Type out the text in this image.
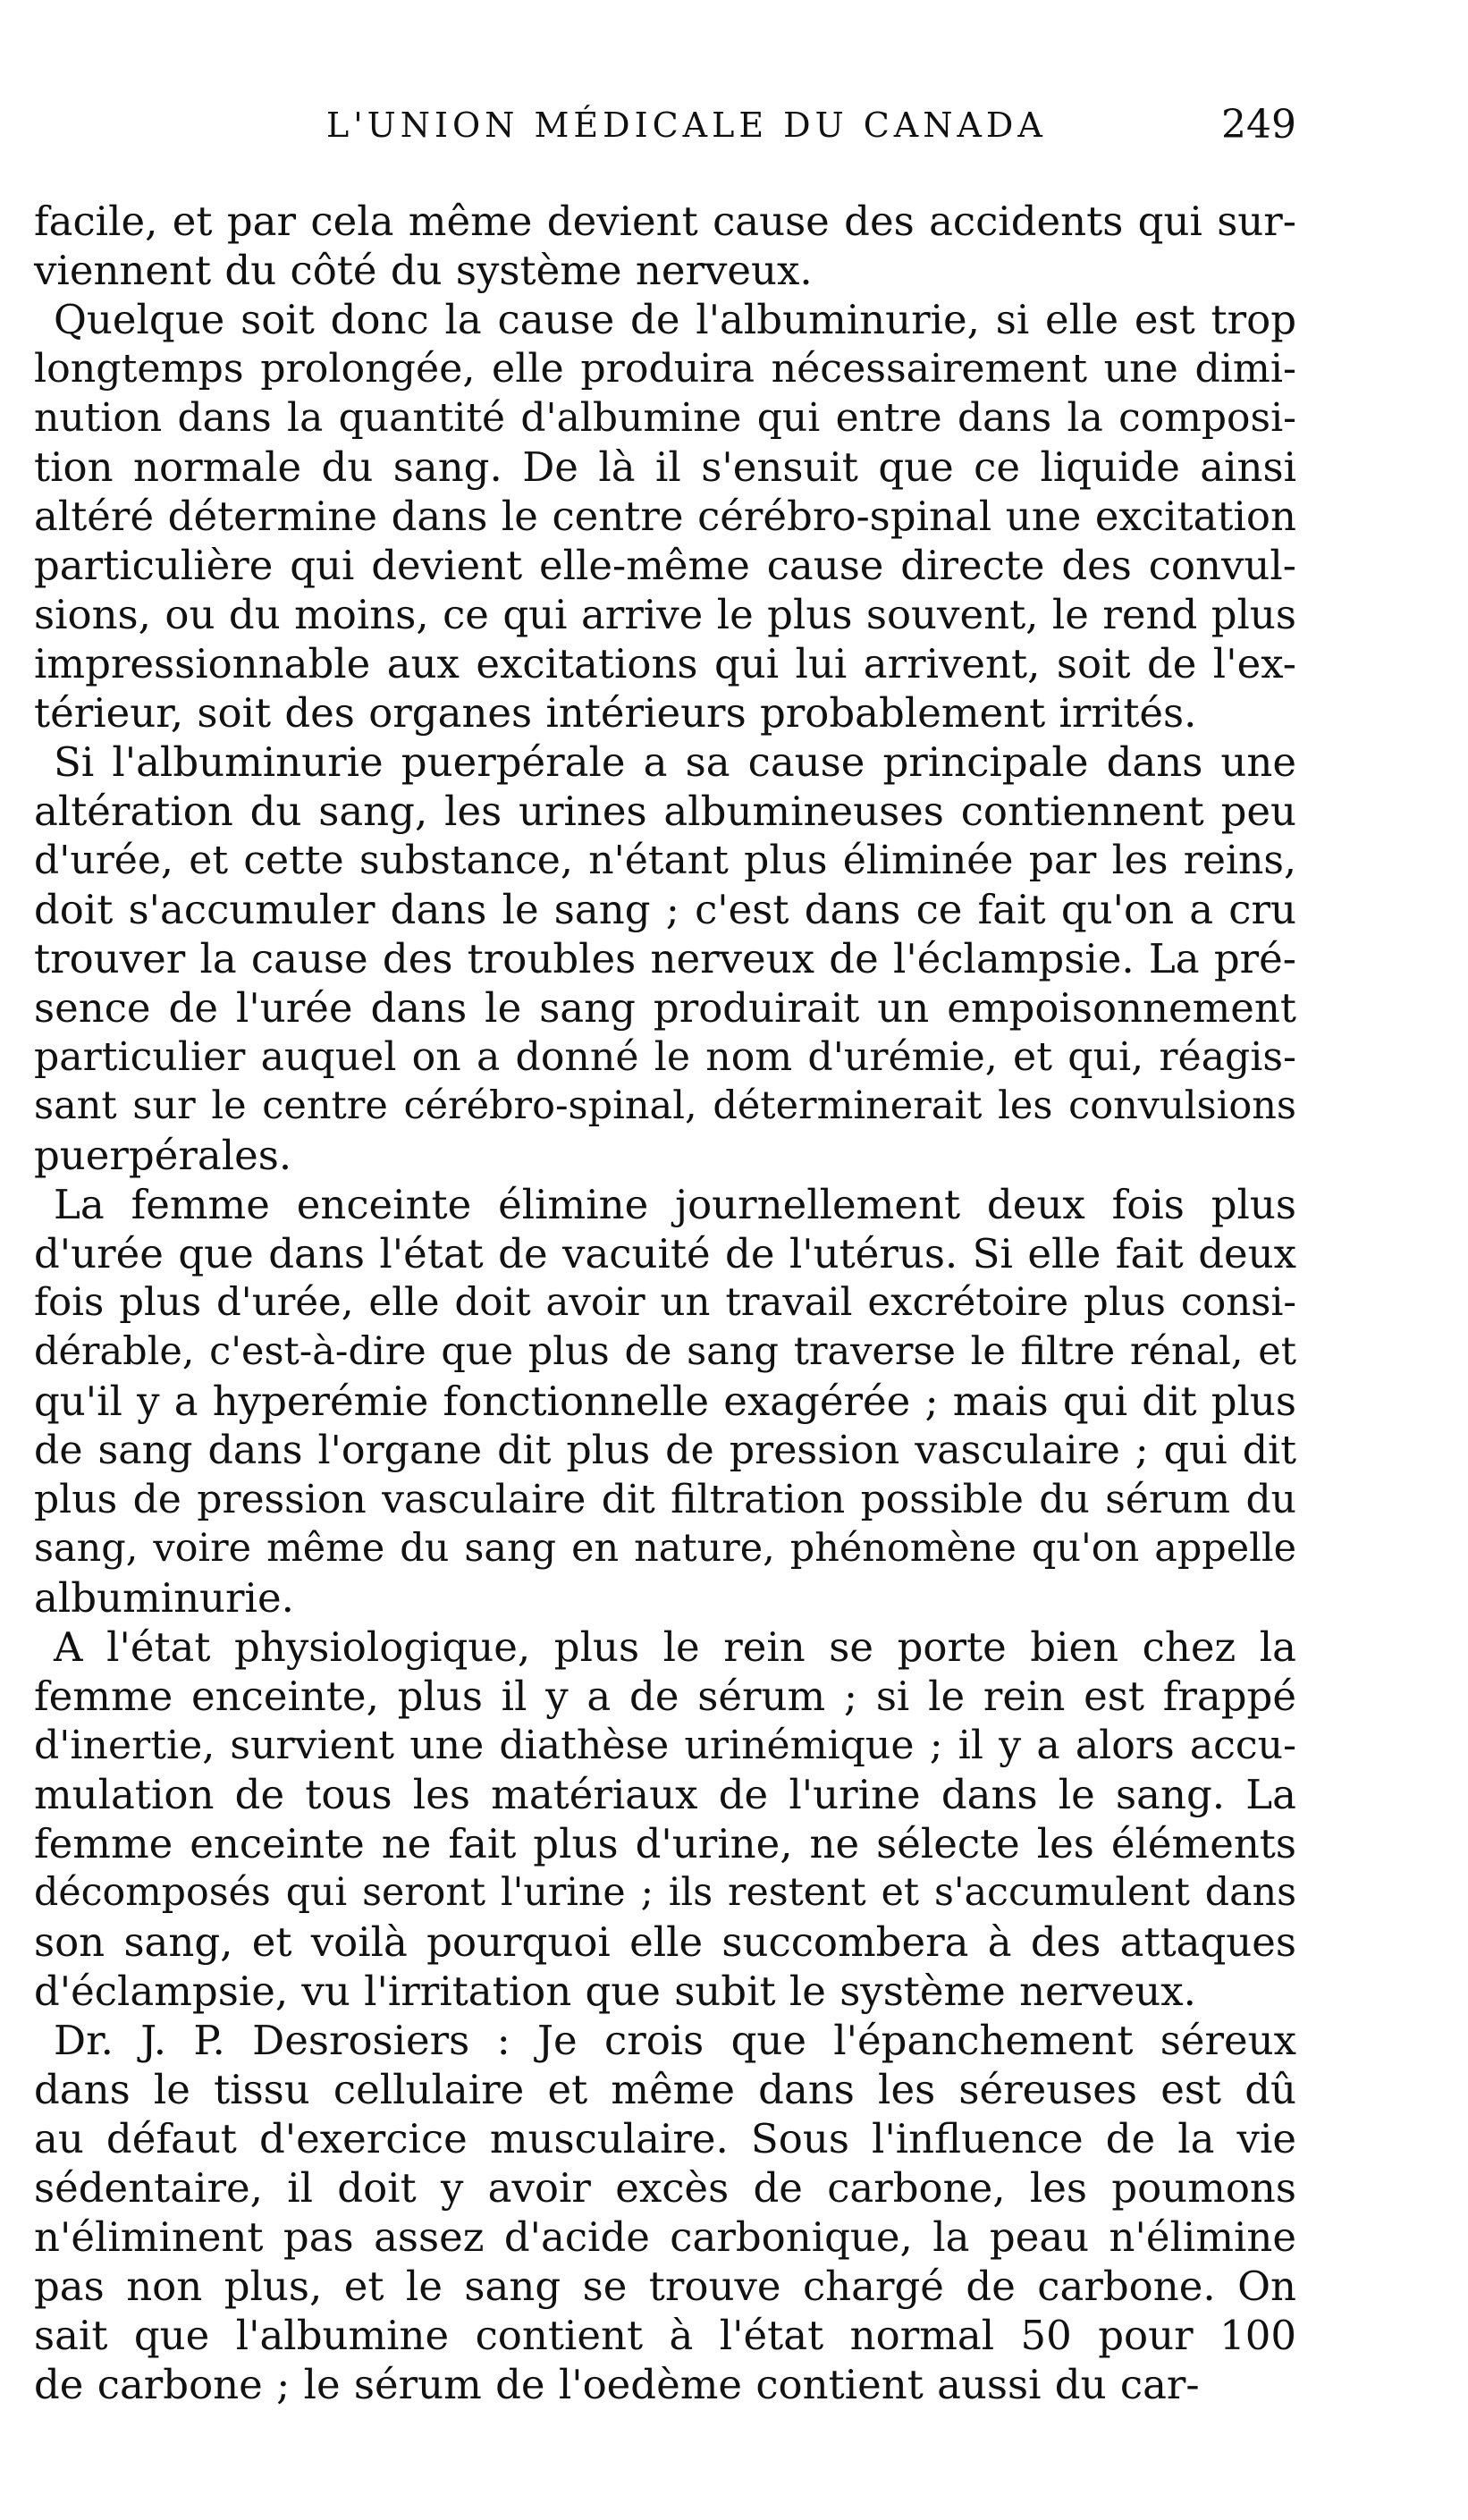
L'UNION MÉDICALE DU CANADA	249

facile, et par cela même devient cause des accidents qui sur-
viennent du côté du système nerveux.

Quelque soit donc la cause de l'albuminurie, si elle est trop
longtemps prolongée, elle produira nécessairement une dimi-
nution dans la quantité d'albumine qui entre dans la composi-
tion normale du sang. De là il s'ensuit que ce liquide ainsi
altéré détermine dans le centre cérébro-spinal une excitation
particulière qui devient elle-même cause directe des convul-
sions, ou du moins, ce qui arrive le plus souvent, le rend plus
impressionnable aux excitations qui lui arrivent, soit de l'ex-
térieur, soit des organes intérieurs probablement irrités.

Si l'albuminurie puerpérale a sa cause principale dans une
altération du sang, les urines albumineuses contiennent peu
d'urée, et cette substance, n'étant plus éliminée par les reins,
doit s'accumuler dans le sang ; c'est dans ce fait qu'on a cru
trouver la cause des troubles nerveux de l'éclampsie. La pré-
sence de l'urée dans le sang produirait un empoisonnement
particulier auquel on a donné le nom d'urémie, et qui, réagis-
sant sur le centre cérébro-spinal, déterminerait les convulsions
puerpérales.

La femme enceinte élimine journellement deux fois plus
d'urée que dans l'état de vacuité de l'utérus. Si elle fait deux
fois plus d'urée, elle doit avoir un travail excrétoire plus consi-
dérable, c'est-à-dire que plus de sang traverse le filtre rénal, et
qu'il y a hyperémie fonctionnelle exagérée ; mais qui dit plus
de sang dans l'organe dit plus de pression vasculaire ; qui dit
plus de pression vasculaire dit filtration possible du sérum du
sang, voire même du sang en nature, phénomène qu'on appelle
albuminurie.

A l'état physiologique, plus le rein se porte bien chez la
femme enceinte, plus il y a de sérum ; si le rein est frappé
d'inertie, survient une diathèse urinémique ; il y a alors accu-
mulation de tous les matériaux de l'urine dans le sang. La
femme enceinte ne fait plus d'urine, ne sélecte les éléments
décomposés qui seront l'urine ; ils restent et s'accumulent dans
son sang, et voilà pourquoi elle succombera à des attaques
d'éclampsie, vu l'irritation que subit le système nerveux.

Dr. J. P. Desrosiers : Je crois que l'épanchement séreux
dans le tissu cellulaire et même dans les séreuses est dû
au défaut d'exercice musculaire. Sous l'influence de la vie
sédentaire, il doit y avoir excès de carbone, les poumons
n'éliminent pas assez d'acide carbonique, la peau n'élimine
pas non plus, et le sang se trouve chargé de carbone. On
sait que l'albumine contient à l'état normal 50 pour 100
de carbone ; le sérum de l'oedème contient aussi du car-
